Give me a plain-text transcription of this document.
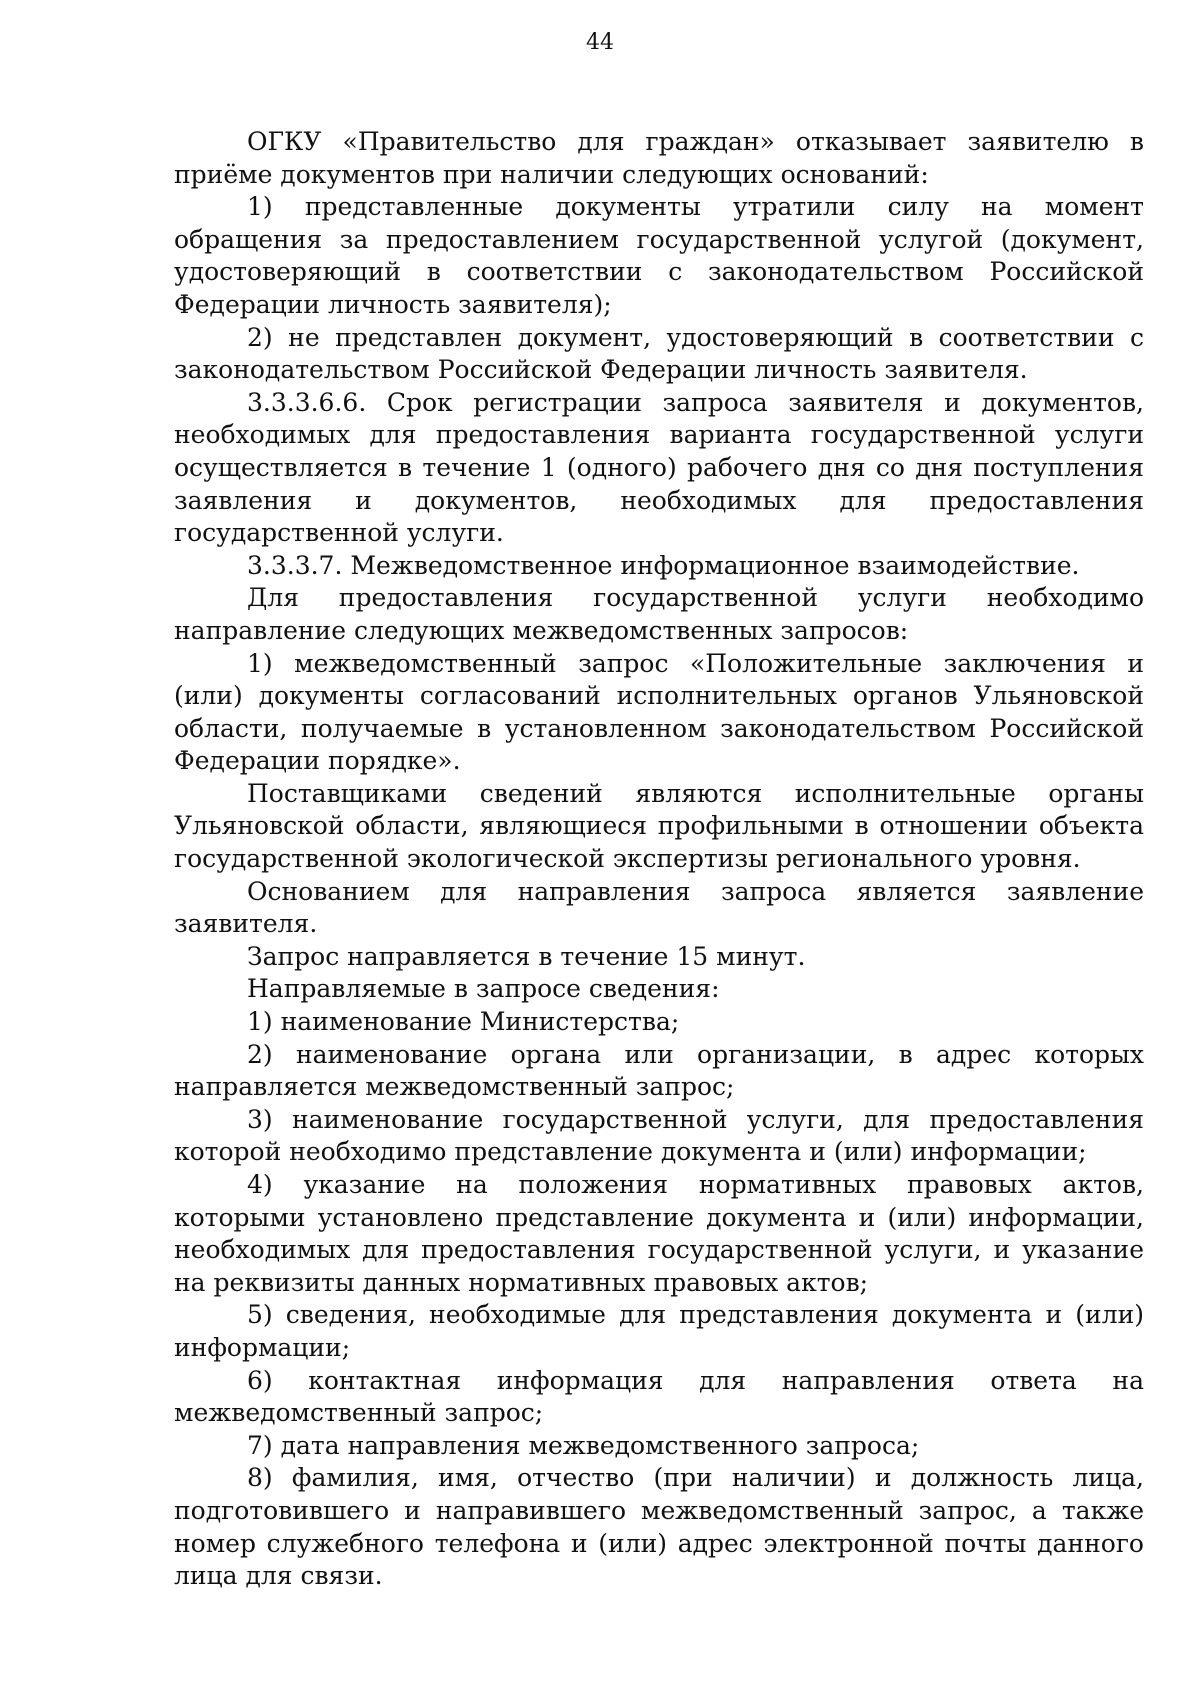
44

ОГКУ «Правительство для граждан» отказывает заявителю в приёме документов при наличии следующих оснований:

1) представленные документы утратили силу на момент обращения за предоставлением государственной услугой (документ, удостоверяющий в соответствии с законодательством Российской Федерации личность заявителя);

2) не представлен документ, удостоверяющий в соответствии с законодательством Российской Федерации личность заявителя.

3.3.3.6.6. Срок регистрации запроса заявителя и документов, необходимых для предоставления варианта государственной услуги осуществляется в течение 1 (одного) рабочего дня со дня поступления заявления и документов, необходимых для предоставления государственной услуги.

3.3.3.7. Межведомственное информационное взаимодействие.

Для предоставления государственной услуги необходимо направление следующих межведомственных запросов:

1) межведомственный запрос «Положительные заключения и (или) документы согласований исполнительных органов Ульяновской области, получаемые в установленном законодательством Российской Федерации порядке».

Поставщиками сведений являются исполнительные органы Ульяновской области, являющиеся профильными в отношении объекта государственной экологической экспертизы регионального уровня.

Основанием для направления запроса является заявление заявителя.

Запрос направляется в течение 15 минут.

Направляемые в запросе сведения:

1) наименование Министерства;

2) наименование органа или организации, в адрес которых направляется межведомственный запрос;

3) наименование государственной услуги, для предоставления которой необходимо представление документа и (или) информации;

4) указание на положения нормативных правовых актов, которыми установлено представление документа и (или) информации, необходимых для предоставления государственной услуги, и указание на реквизиты данных нормативных правовых актов;

5) сведения, необходимые для представления документа и (или) информации;

6) контактная информация для направления ответа на межведомственный запрос;

7) дата направления межведомственного запроса;

8) фамилия, имя, отчество (при наличии) и должность лица, подготовившего и направившего межведомственный запрос, а также номер служебного телефона и (или) адрес электронной почты данного лица для связи.
